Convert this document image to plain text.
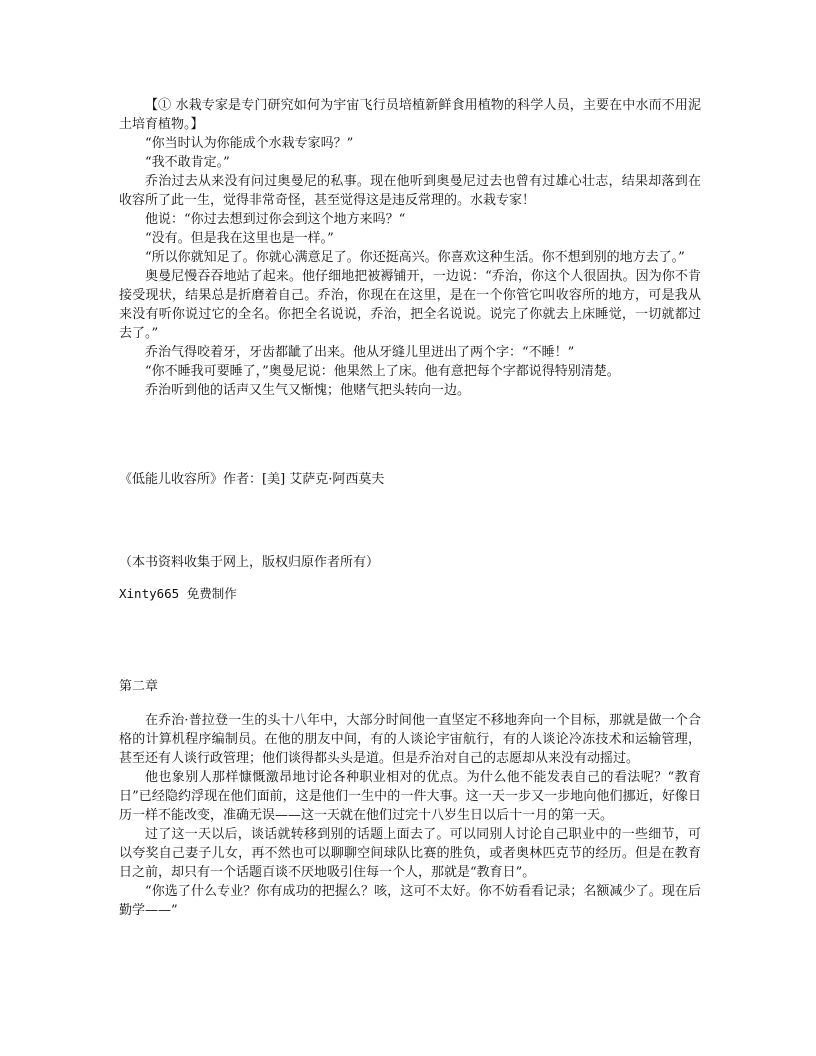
【① 水栽专家是专门研究如何为宇宙飞行员培植新鲜食用植物的科学人员，主要在中水而不用泥土培育植物。】

“你当时认为你能成个水栽专家吗？”

“我不敢肯定。”

乔治过去从来没有问过奥曼尼的私事。现在他听到奥曼尼过去也曾有过雄心壮志，结果却落到在收容所了此一生，觉得非常奇怪，甚至觉得这是违反常理的。水栽专家！

他说：“你过去想到过你会到这个地方来吗？“

“没有。但是我在这里也是一样。”

“所以你就知足了。你就心满意足了。你还挺高兴。你喜欢这种生活。你不想到别的地方去了。”

奥曼尼慢吞吞地站了起来。他仔细地把被褥铺开，一边说：“乔治，你这个人很固执。因为你不肯接受现状，结果总是折磨着自己。乔治，你现在在这里，是在一个你管它叫收容所的地方，可是我从来没有听你说过它的全名。你把全名说说，乔治，把全名说说。说完了你就去上床睡觉，一切就都过去了。”

乔治气得咬着牙，牙齿都龇了出来。他从牙缝儿里迸出了两个字：“不睡！”

“你不睡我可要睡了，”奥曼尼说：他果然上了床。他有意把每个字都说得特别清楚。

乔治听到他的话声又生气又惭愧；他赌气把头转向一边。

《低能儿收容所》作者：[美] 艾萨克·阿西莫夫

（本书资料收集于网上，版权归原作者所有）

Xinty665 免费制作

第二章

在乔治·普拉登一生的头十八年中，大部分时间他一直坚定不移地奔向一个目标，那就是做一个合格的计算机程序编制员。在他的朋友中间，有的人谈论宇宙航行，有的人谈论冷冻技术和运输管理，甚至还有人谈行政管理；他们谈得都头头是道。但是乔治对自己的志愿却从来没有动摇过。

他也象别人那样慷慨激昂地讨论各种职业相对的优点。为什么他不能发表自己的看法呢？“教育日”已经隐约浮现在他们面前，这是他们一生中的一件大事。这一天一步又一步地向他们挪近，好像日历一样不能改变，准确无误——这一天就在他们过完十八岁生日以后十一月的第一天。

过了这一天以后，谈话就转移到别的话题上面去了。可以同别人讨论自己职业中的一些细节，可以夸奖自己妻子儿女，再不然也可以聊聊空间球队比赛的胜负，或者奥林匹克节的经历。但是在教育日之前，却只有一个话题百谈不厌地吸引住每一个人，那就是“教育日”。

“你选了什么专业？你有成功的把握么？咳，这可不太好。你不妨看看记录；名额减少了。现在后勤学——”
